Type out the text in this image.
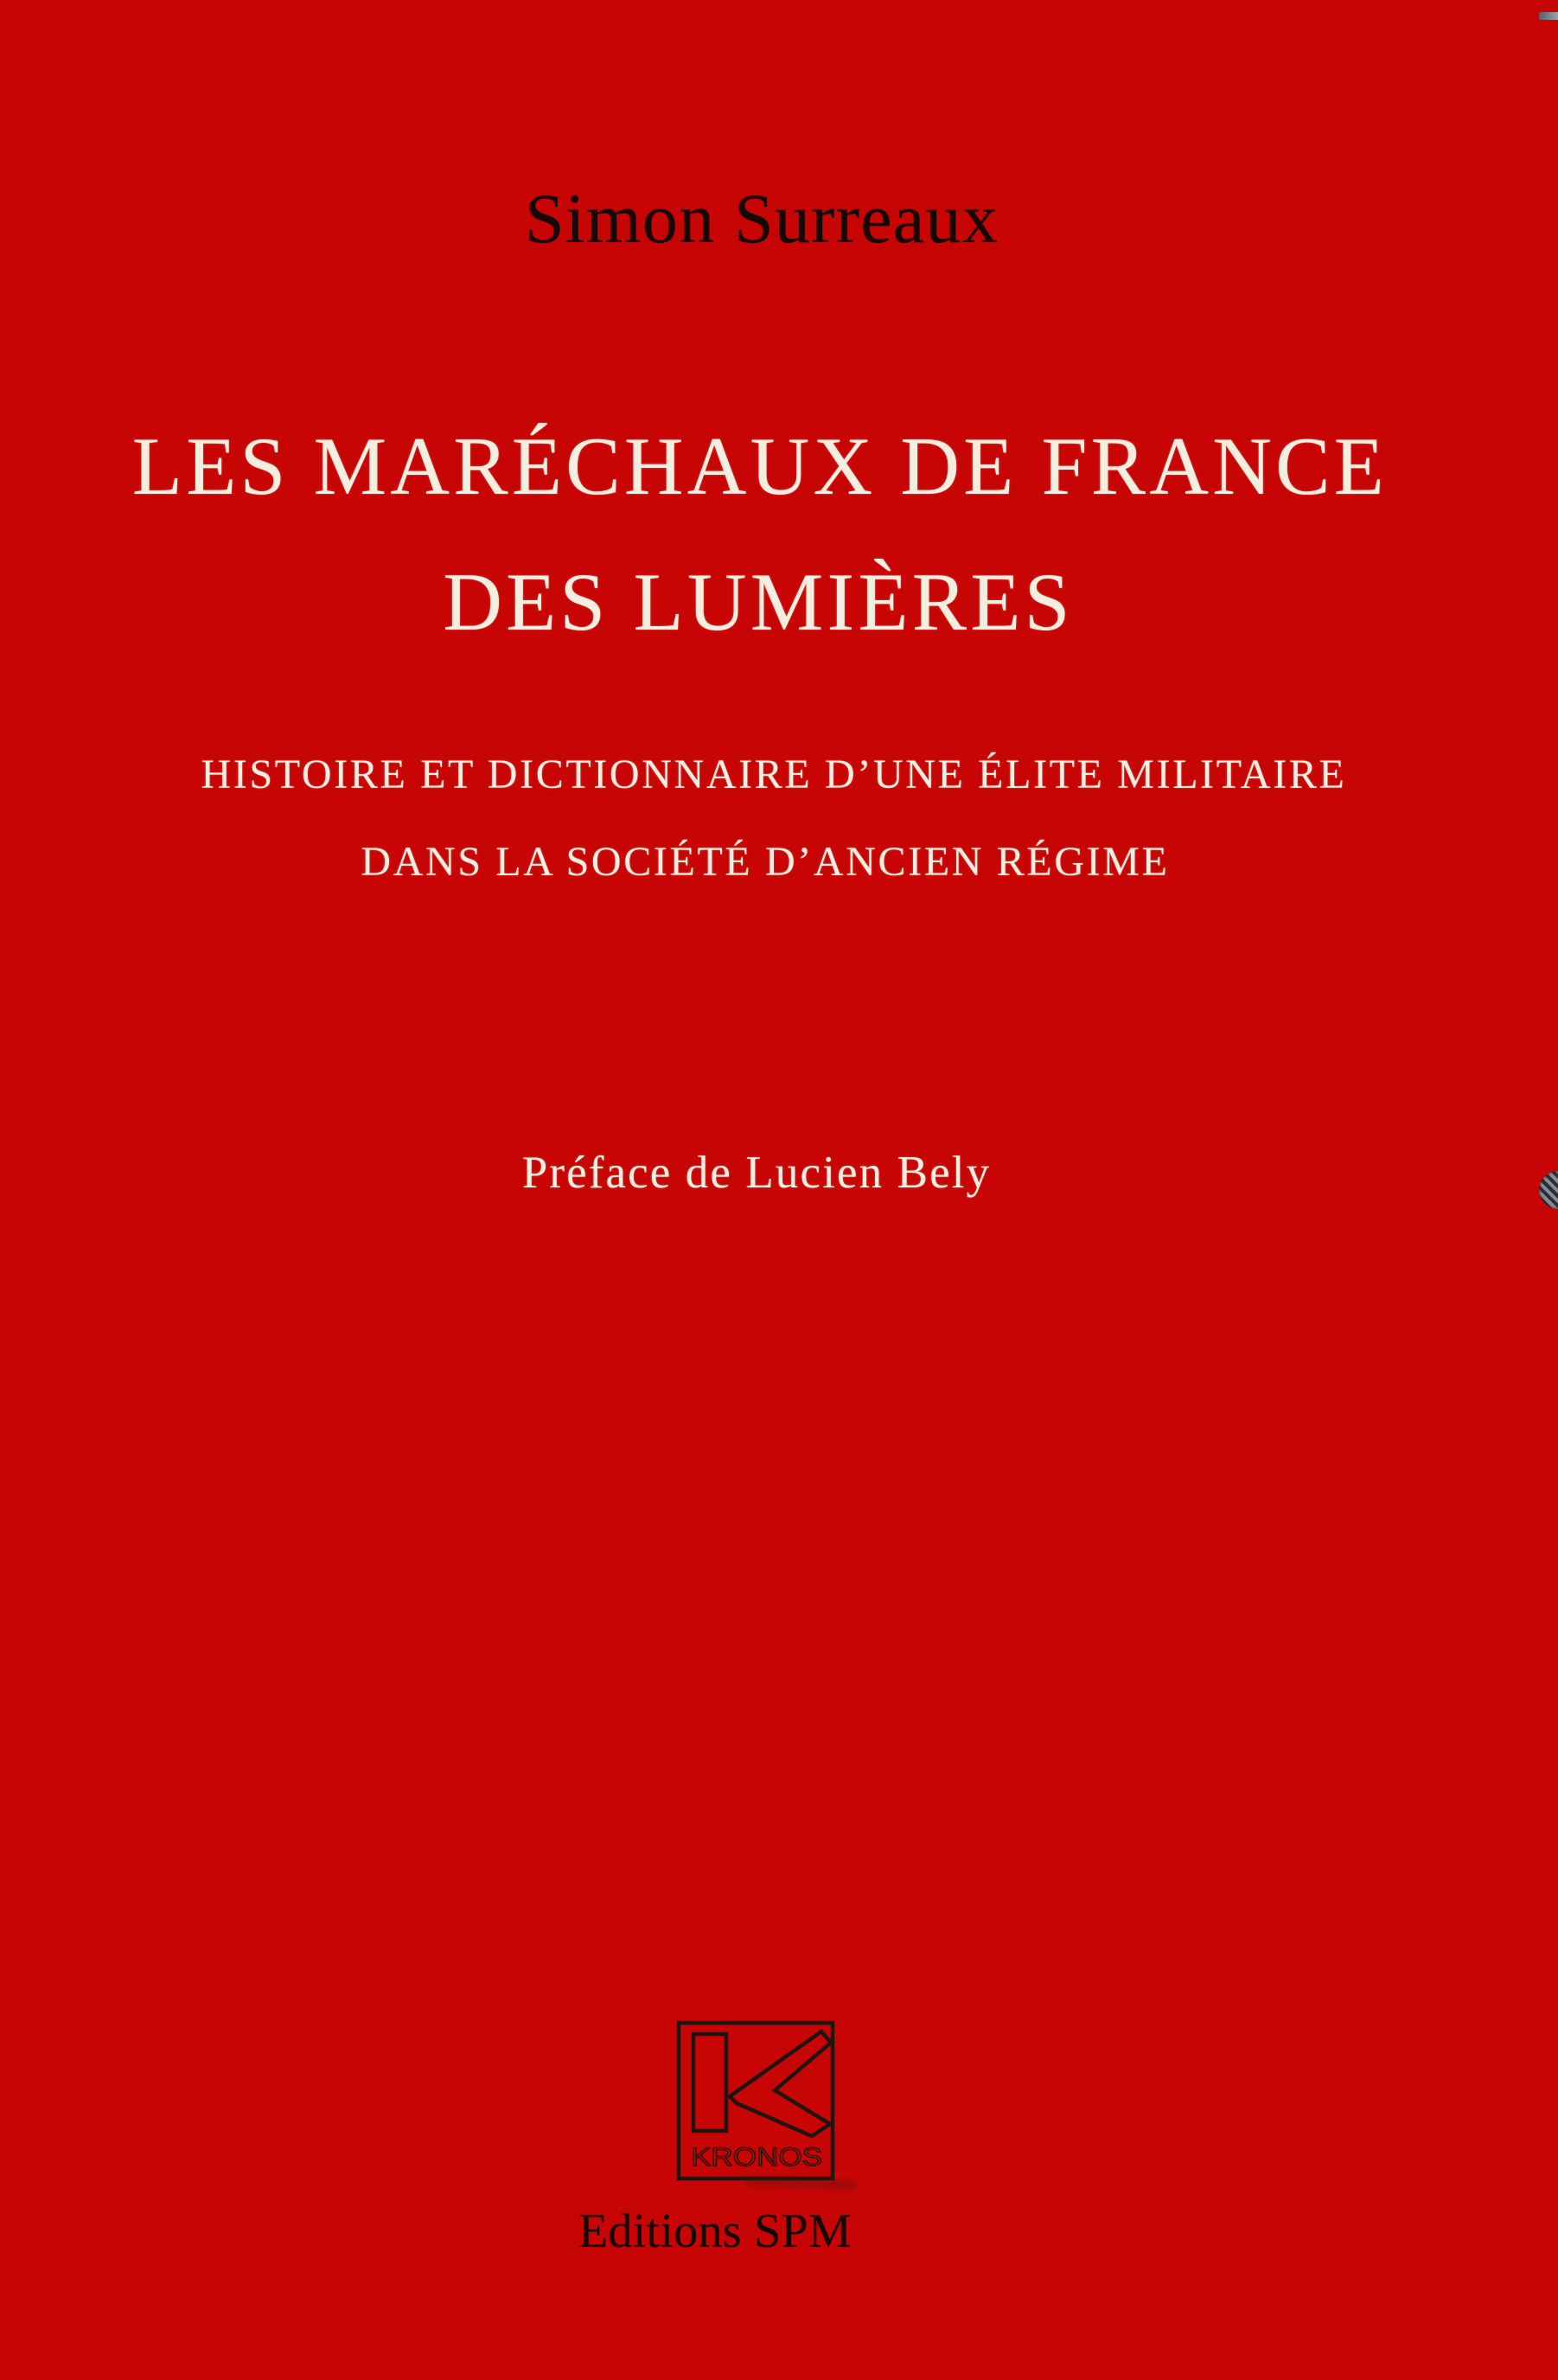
Simon Surreaux
LES MARÉCHAUX DE FRANCE
DES LUMIÈRES
HISTOIRE ET DICTIONNAIRE D’UNE ÉLITE MILITAIRE
DANS LA SOCIÉTÉ D’ANCIEN RÉGIME
Préface de Lucien Bely
KRONOS
Editions SPM
